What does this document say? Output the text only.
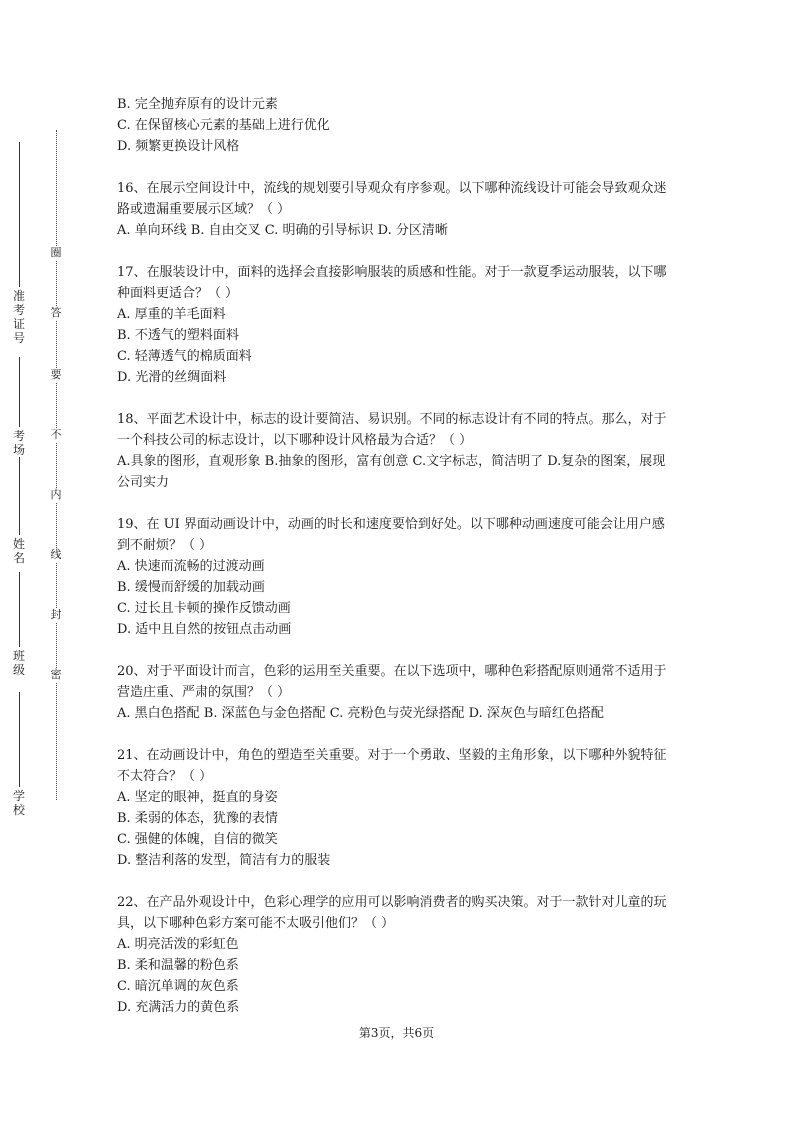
准考证号
考场
姓名
班级
学校
圈
答
要
不
内
线
封
密

B. 完全抛弃原有的设计元素

C. 在保留核心元素的基础上进行优化

D. 频繁更换设计风格

16、在展示空间设计中，流线的规划要引导观众有序参观。以下哪种流线设计可能会导致观众迷路或遗漏重要展示区域？（ ）

A. 单向环线 B. 自由交叉 C. 明确的引导标识 D. 分区清晰

17、在服装设计中，面料的选择会直接影响服装的质感和性能。对于一款夏季运动服装，以下哪种面料更适合？（ ）

A. 厚重的羊毛面料

B. 不透气的塑料面料

C. 轻薄透气的棉质面料

D. 光滑的丝绸面料

18、平面艺术设计中，标志的设计要简洁、易识别。不同的标志设计有不同的特点。那么，对于一个科技公司的标志设计，以下哪种设计风格最为合适？（ ）

A.具象的图形，直观形象 B.抽象的图形，富有创意 C.文字标志，简洁明了 D.复杂的图案，展现公司实力

19、在 UI 界面动画设计中，动画的时长和速度要恰到好处。以下哪种动画速度可能会让用户感到不耐烦？（ ）

A. 快速而流畅的过渡动画

B. 缓慢而舒缓的加载动画

C. 过长且卡顿的操作反馈动画

D. 适中且自然的按钮点击动画

20、对于平面设计而言，色彩的运用至关重要。在以下选项中，哪种色彩搭配原则通常不适用于营造庄重、严肃的氛围？（ ）

A. 黑白色搭配 B. 深蓝色与金色搭配 C. 亮粉色与荧光绿搭配 D. 深灰色与暗红色搭配

21、在动画设计中，角色的塑造至关重要。对于一个勇敢、坚毅的主角形象，以下哪种外貌特征不太符合？（ ）

A. 坚定的眼神，挺直的身姿

B. 柔弱的体态，犹豫的表情

C. 强健的体魄，自信的微笑

D. 整洁利落的发型，简洁有力的服装

22、在产品外观设计中，色彩心理学的应用可以影响消费者的购买决策。对于一款针对儿童的玩具，以下哪种色彩方案可能不太吸引他们？（ ）

A. 明亮活泼的彩虹色

B. 柔和温馨的粉色系

C. 暗沉单调的灰色系

D. 充满活力的黄色系

第3页，共6页
